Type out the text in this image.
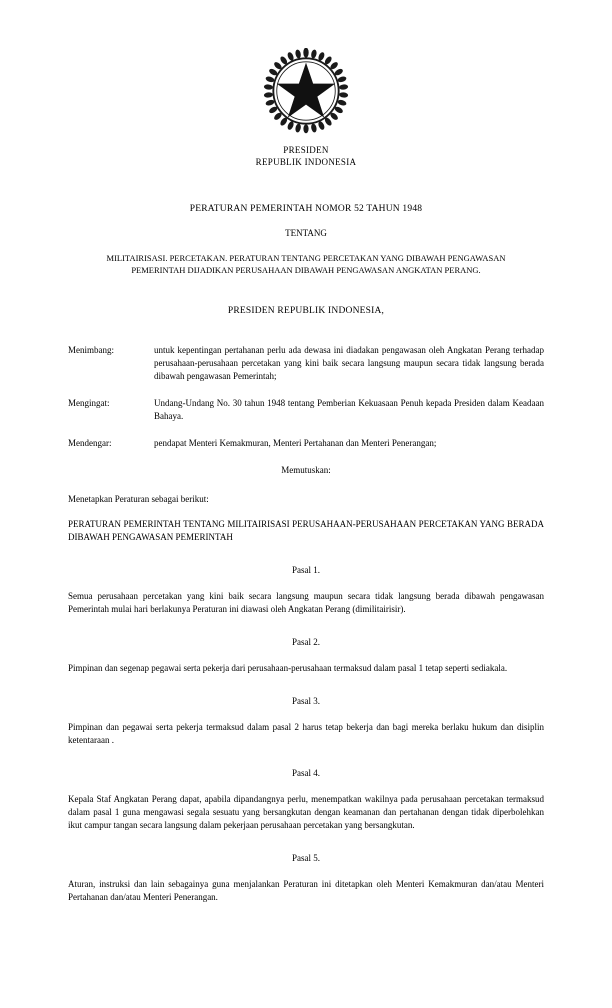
PRESIDEN
REPUBLIK INDONESIA
PERATURAN PEMERINTAH NOMOR 52 TAHUN 1948
TENTANG
MILITAIRISASI. PERCETAKAN. PERATURAN TENTANG PERCETAKAN YANG DIBAWAH PENGAWASAN PEMERINTAH DIJADIKAN PERUSAHAAN DIBAWAH PENGAWASAN ANGKATAN PERANG.
PRESIDEN REPUBLIK INDONESIA,
Menimbang:	untuk kepentingan pertahanan perlu ada dewasa ini diadakan pengawasan oleh Angkatan Perang terhadap perusahaan-perusahaan percetakan yang kini baik secara langsung maupun secara tidak langsung berada dibawah pengawasan Pemerintah;
Mengingat:	Undang-Undang No. 30 tahun 1948 tentang Pemberian Kekuasaan Penuh kepada Presiden dalam Keadaan Bahaya.
Mendengar:	pendapat Menteri Kemakmuran, Menteri Pertahanan dan Menteri Penerangan;
Memutuskan:
Menetapkan Peraturan sebagai berikut:
PERATURAN PEMERINTAH TENTANG MILITAIRISASI PERUSAHAAN-PERUSAHAAN PERCETAKAN YANG BERADA DIBAWAH PENGAWASAN PEMERINTAH
Pasal 1.
Semua perusahaan percetakan yang kini baik secara langsung maupun secara tidak langsung berada dibawah pengawasan Pemerintah mulai hari berlakunya Peraturan ini diawasi oleh Angkatan Perang (dimilitairisir).
Pasal 2.
Pimpinan dan segenap pegawai serta pekerja dari perusahaan-perusahaan termaksud dalam pasal 1 tetap seperti sediakala.
Pasal 3.
Pimpinan dan pegawai serta pekerja termaksud dalam pasal 2 harus tetap bekerja dan bagi mereka berlaku hukum dan disiplin ketentaraan .
Pasal 4.
Kepala Staf Angkatan Perang dapat, apabila dipandangnya perlu, menempatkan wakilnya pada perusahaan percetakan termaksud dalam pasal 1 guna mengawasi segala sesuatu yang bersangkutan dengan keamanan dan pertahanan dengan tidak diperbolehkan ikut campur tangan secara langsung dalam pekerjaan perusahaan percetakan yang bersangkutan.
Pasal 5.
Aturan, instruksi dan lain sebagainya guna menjalankan Peraturan ini ditetapkan oleh Menteri Kemakmuran dan/atau Menteri Pertahanan dan/atau Menteri Penerangan.
